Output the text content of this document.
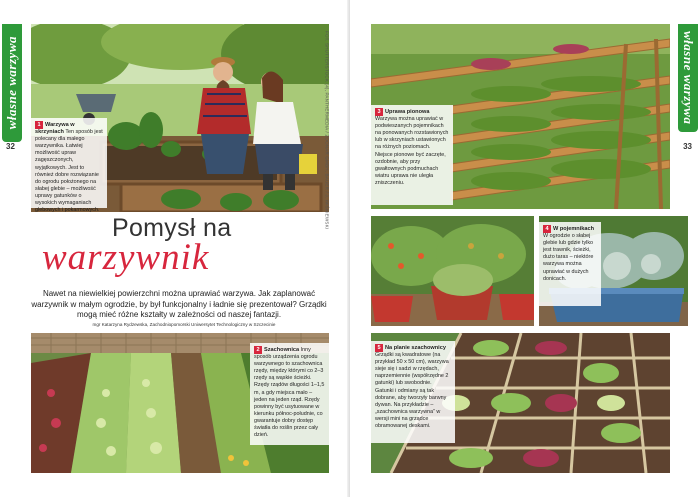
własne warzywa
32	FOT. SHUTTERSTOCK (4), PANTHERMEDIA / ZOONAR GMBH, BAUER / J. WIŚNIEWSKI
1 Warzywa w skrzyniach Ten sposób jest polecany dla małego warzywnika. Łatwiej możliwość upraw zagęszczonych, wyjątkowych. Jest to również dobre rozwiązanie do ogrodu położonego na słabej glebie – możliwość uprawy gatunków o wysokich wymaganiach glebowych i pokarmowych.
Pomysł na
warzywnik
Nawet na niewielkiej powierzchni można uprawiać warzywa. Jak zaplanować warzywnik w małym ogrodzie, by był funkcjonalny i ładnie się prezentował? Grządki mogą mieć różne kształty w zależności od naszej fantazji.
mgr Katarzyna Rydzewska, Zachodniopomorski Uniwersytet Technologiczny w Szczecinie
2 Szachownica Inny sposób urządzenia ogrodu warzywnego to szachownica rzędy, między którymi co 2–3 rzędy są wąskie ścieżki. Rzędy rządów długości 1–1,5 m, a gdy miejsca mało – jeden na jeden rząd. Rzędy powinny być usytuowane w kierunku północ-południe, co gwarantuje dobry dostęp światła do roślin przez cały dzień.
własne warzywa
33
3 Uprawa pionowa Warzywa można uprawiać w podwieszanych pojemnikach na ponowanych rozstawionych lub w skrzyniach ustawionych na różnych poziomach. Niejsce pionowe być zaczęte, ozdobnie, aby przy gwałtownych podmuchach wiatru uprawa nie uległa zniszczeniu.
4 W pojemnikach W ogrodzie o słabej glebie lub gdzie tylko jest trawnik, ścieżki, dużo taras – niektóre warzywa można uprawiać w dużych donicach.
5 Na planie szachownicy Grządki są kwadratowe (na przykład 50 x 50 cm), warzywa sieje się i sadzi w rzędach, naprzemiennie (współrzędne 2 gatunki) lub swobodnie. Gatunki i odmiany są tak dobrane, aby tworzyły barwny dywan. Na przykładzie – „szachownica warzywna” w wersji mini na grządce obramowanej deskami.
